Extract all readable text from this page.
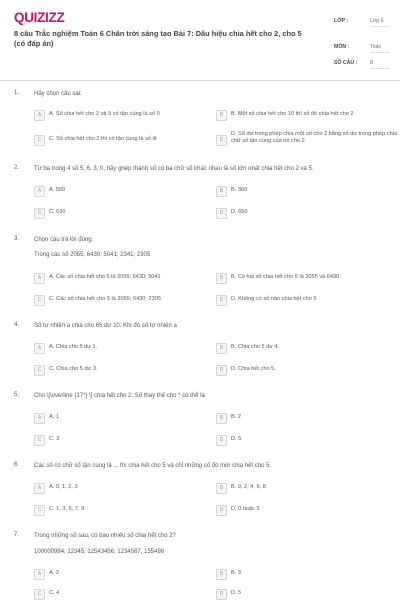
QUIZIZZ
8 câu Trắc nghiệm Toán 6 Chân trời sáng tạo Bài 7: Dấu hiệu chia hết cho 2, cho 5 (có đáp án)
LỚP :	Lớp 6
MÔN :	Toán
SỐ CÂU : 8
1. Hãy chọn câu sai:
A	A. Số chia hết cho 2 và 5 có tận cùng là số 0	B	B. Một số chia hết cho 10 thì số đó chia hết cho 2
C	C. Số chia hết cho 2 thì có tận cùng là số lẻ	D
D. Số dư trong phép chia một số cho 2 bằng số dư trong phép chia chữ số tận cùng của nó cho 2
2. Từ ba trong 4 số 5, 6, 3, 0, hãy ghép thành số có ba chữ số khác nhau là số lớn nhất chia hết cho 2 và 5.
A	A. 560	B	B. 360
C	C. 630	D	D. 650
3. Chọn câu trả lời đúng.
Trong các số 2055; 6430; 5041; 2341; 2305
A	A. Các số chia hết cho 5 là 2055; 6430; 5041	B	B. Có hai số chia hết cho 5 là 2055 và 6430
C	C. Các số chia hết cho 5 là 2055; 6430; 2305	D	D. Không có số nào chia hết cho 5
4. Số tự nhiên a chia cho 65 dư 10. Khi đó số tự nhiên a
A	A. Chia cho 5 dư 1.	B	B. Chia cho 5 dư 4.
C	C. Chia cho 5 dư 3.	D	D. Chia hết cho 5.
5. Cho \[\overline {17*} \] chia hết cho 2. Số thay thế cho * có thể là
A	A. 1	B	B. 2
C	C. 3	D	D. 5
6. Các số có chữ số tận cùng là ... thì chia hết cho 5 và chỉ những số đó mới chia hết cho 5.
A	A. 0, 1, 2, 3	B	B. 0, 2, 4, 6, 8
C	C. 1, 3, 5, 7, 9	D	D. 0 hoặc 5
7. Trong những số sau, có bao nhiêu số chia hết cho 2?
100000984, 12345, 12543456, 1234567, 155498
A	A. 2	B	B. 3
C	C. 4	D	D. 5
